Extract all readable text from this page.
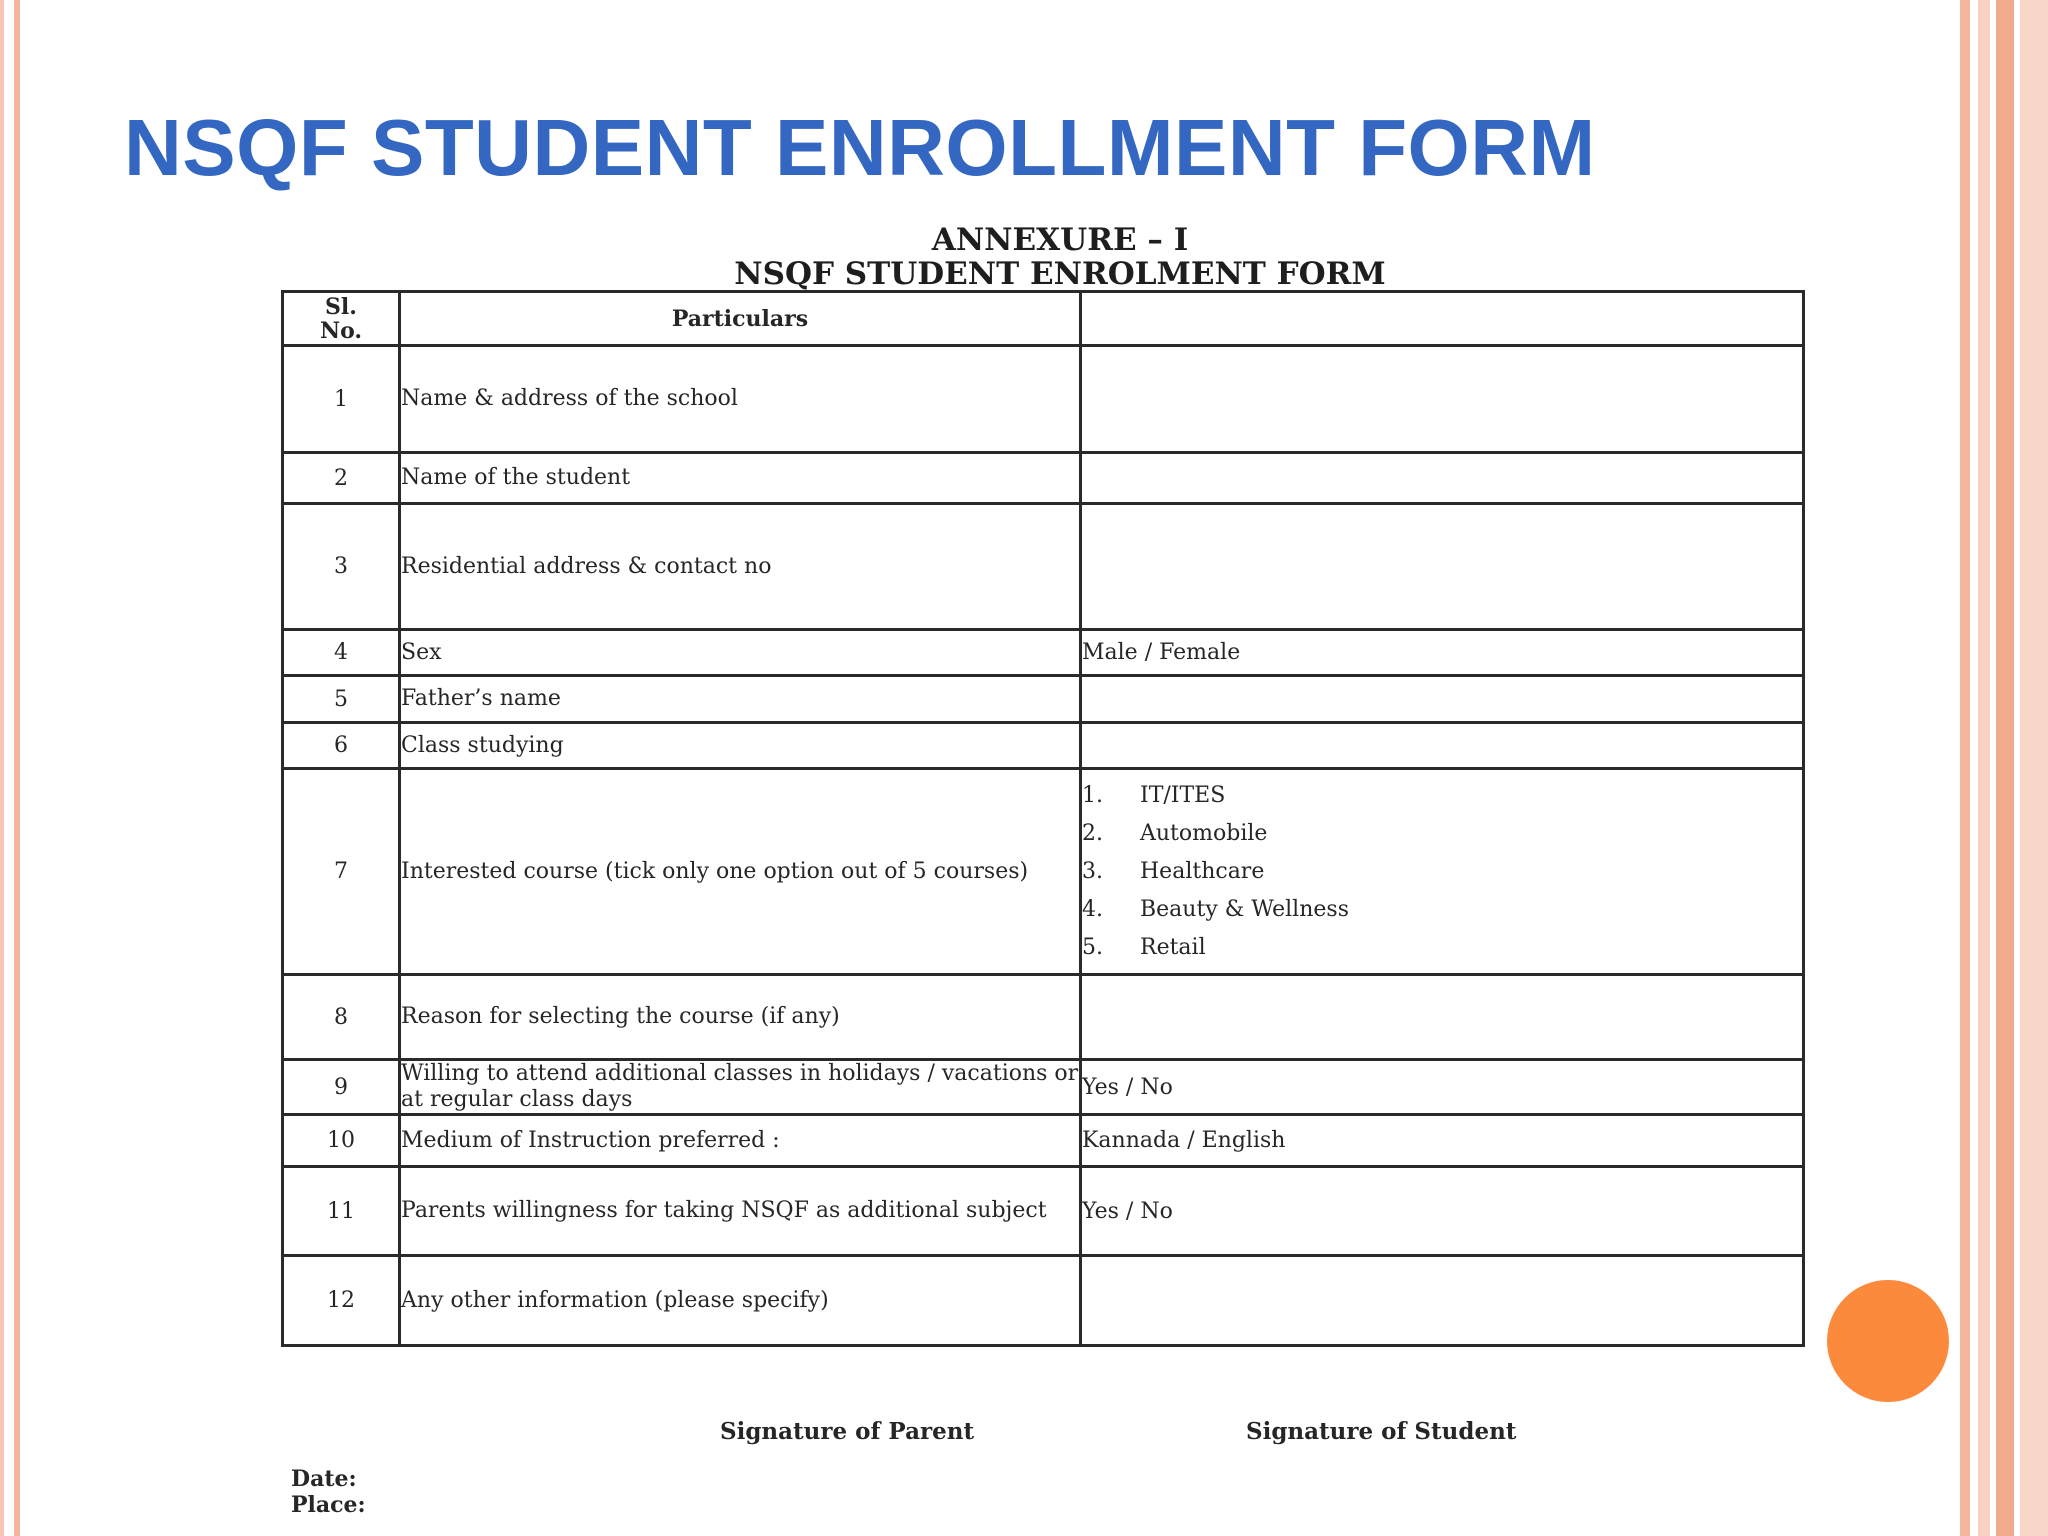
NSQF STUDENT ENROLLMENT FORM
ANNEXURE – I
NSQF STUDENT ENROLMENT FORM
Sl.
No.	Particulars	
1	Name & address of the school	
2	Name of the student	
3	Residential address & contact no	
4	Sex	Male / Female
5	Father’s name	
6	Class studying	
7	Interested course (tick only one option out of 5 courses)	1. IT/ITES
2. Automobile
3. Healthcare
4. Beauty & Wellness
5. Retail

8	Reason for selecting the course (if any)	
9	Willing to attend additional classes in holidays / vacations or at regular class days	Yes / No
10	Medium of Instruction preferred :	Kannada / English
11	Parents willingness for taking NSQF as additional subject	Yes / No
12	Any other information (please specify)	
Signature of Parent	Signature of Student
Date:
Place:
